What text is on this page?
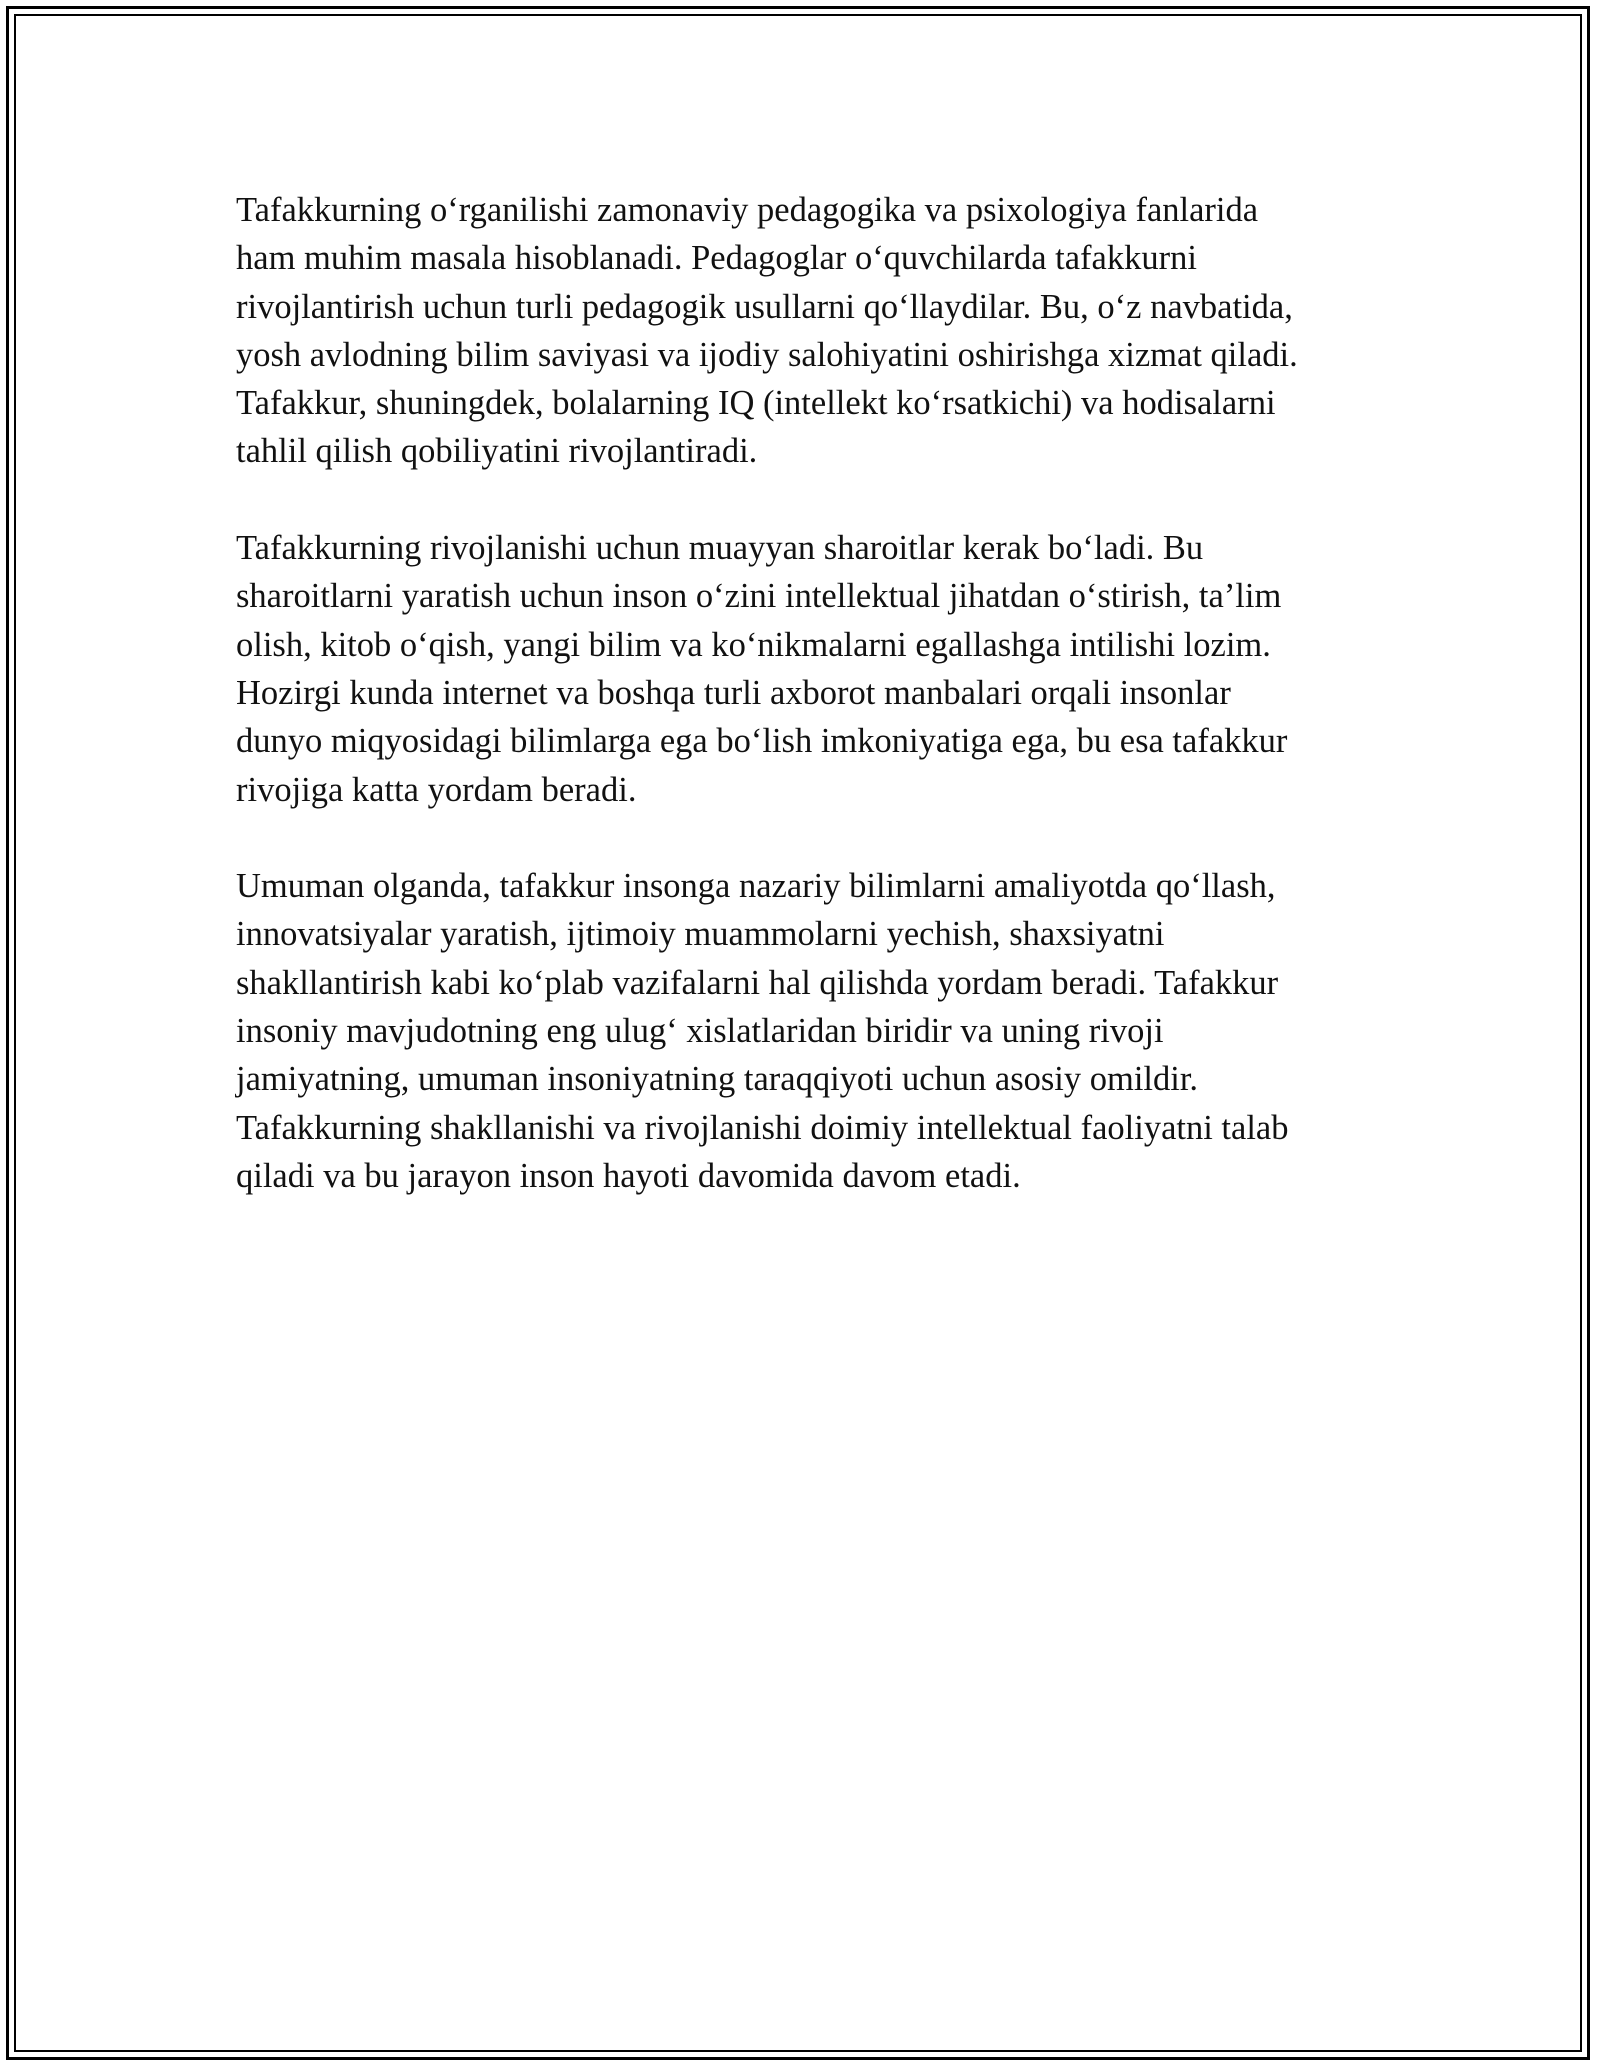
Tafakkurning o‘rganilishi zamonaviy pedagogika va psixologiya fanlarida
ham muhim masala hisoblanadi. Pedagoglar o‘quvchilarda tafakkurni
rivojlantirish uchun turli pedagogik usullarni qo‘llaydilar. Bu, o‘z navbatida,
yosh avlodning bilim saviyasi va ijodiy salohiyatini oshirishga xizmat qiladi.
Tafakkur, shuningdek, bolalarning IQ (intellekt ko‘rsatkichi) va hodisalarni
tahlil qilish qobiliyatini rivojlantiradi.

Tafakkurning rivojlanishi uchun muayyan sharoitlar kerak bo‘ladi. Bu
sharoitlarni yaratish uchun inson o‘zini intellektual jihatdan o‘stirish, ta’lim
olish, kitob o‘qish, yangi bilim va ko‘nikmalarni egallashga intilishi lozim.
Hozirgi kunda internet va boshqa turli axborot manbalari orqali insonlar
dunyo miqyosidagi bilimlarga ega bo‘lish imkoniyatiga ega, bu esa tafakkur
rivojiga katta yordam beradi.

Umuman olganda, tafakkur insonga nazariy bilimlarni amaliyotda qo‘llash,
innovatsiyalar yaratish, ijtimoiy muammolarni yechish, shaxsiyatni
shakllantirish kabi ko‘plab vazifalarni hal qilishda yordam beradi. Tafakkur
insoniy mavjudotning eng ulug‘ xislatlaridan biridir va uning rivoji
jamiyatning, umuman insoniyatning taraqqiyoti uchun asosiy omildir.
Tafakkurning shakllanishi va rivojlanishi doimiy intellektual faoliyatni talab
qiladi va bu jarayon inson hayoti davomida davom etadi.
